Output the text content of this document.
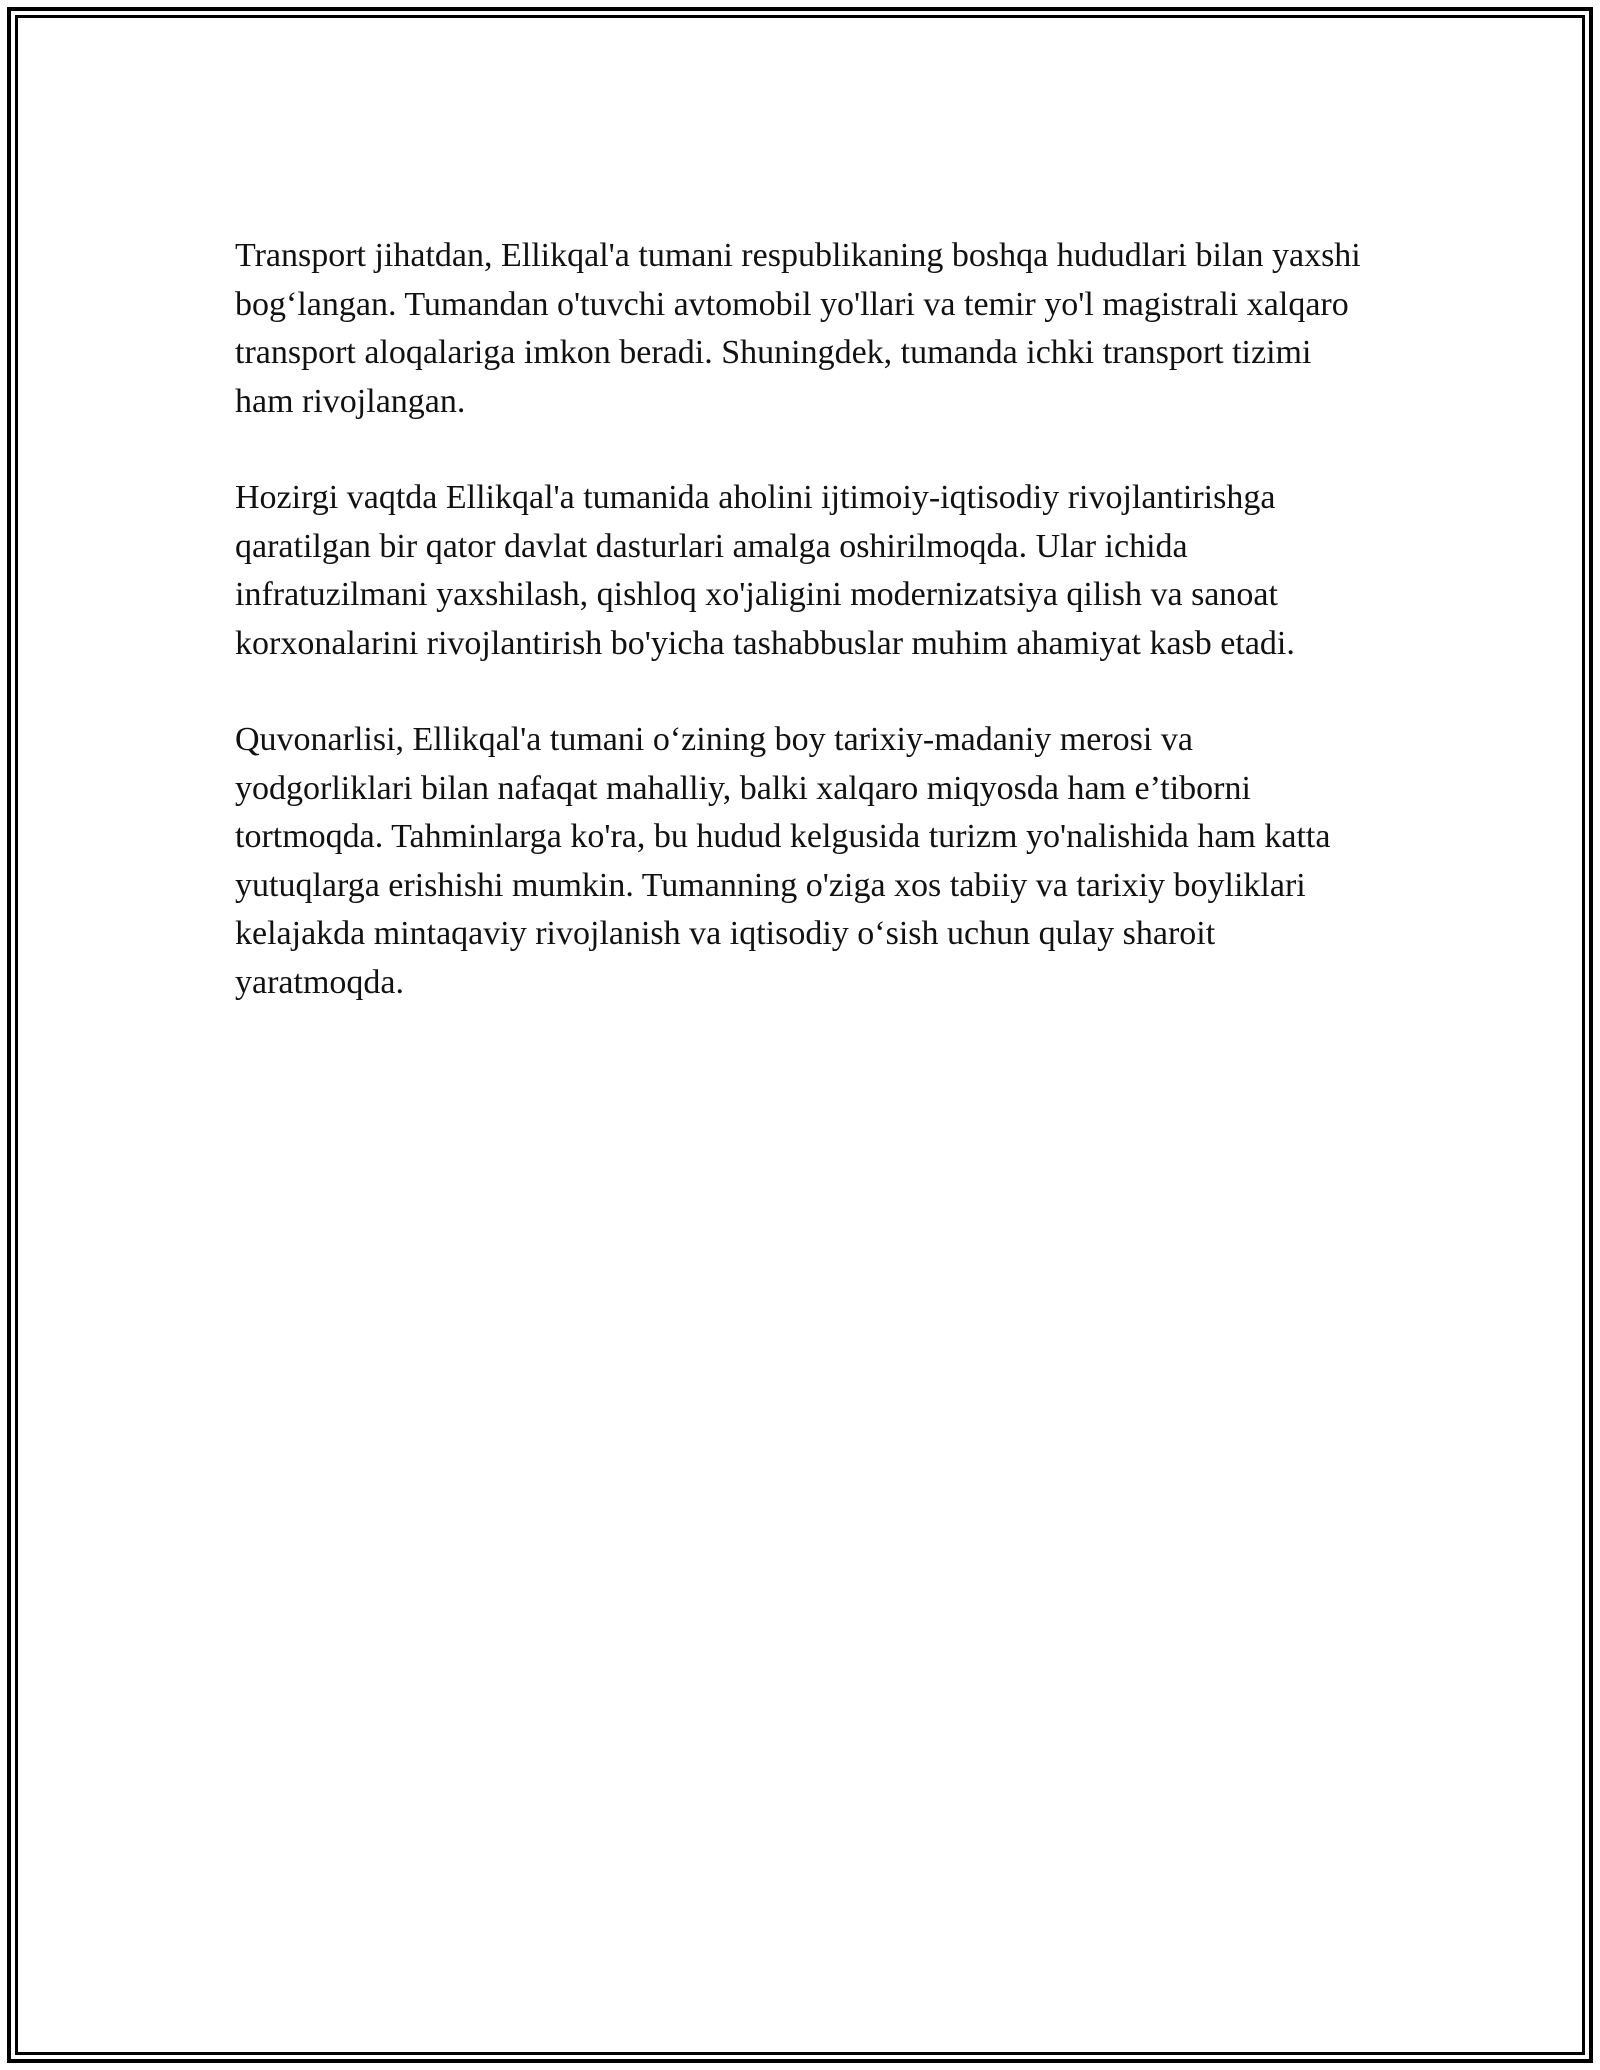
Transport jihatdan, Ellikqal'a tumani respublikaning boshqa hududlari bilan yaxshi bog‘langan. Tumandan o'tuvchi avtomobil yo'llari va temir yo'l magistrali xalqaro transport aloqalariga imkon beradi. Shuningdek, tumanda ichki transport tizimi ham rivojlangan.

Hozirgi vaqtda Ellikqal'a tumanida aholini ijtimoiy-iqtisodiy rivojlantirishga qaratilgan bir qator davlat dasturlari amalga oshirilmoqda. Ular ichida infratuzilmani yaxshilash, qishloq xo'jaligini modernizatsiya qilish va sanoat korxonalarini rivojlantirish bo'yicha tashabbuslar muhim ahamiyat kasb etadi.

Quvonarlisi, Ellikqal'a tumani o‘zining boy tarixiy-madaniy merosi va yodgorliklari bilan nafaqat mahalliy, balki xalqaro miqyosda ham e’tiborni tortmoqda. Tahminlarga ko'ra, bu hudud kelgusida turizm yo'nalishida ham katta yutuqlarga erishishi mumkin. Tumanning o'ziga xos tabiiy va tarixiy boyliklari kelajakda mintaqaviy rivojlanish va iqtisodiy o‘sish uchun qulay sharoit yaratmoqda.
